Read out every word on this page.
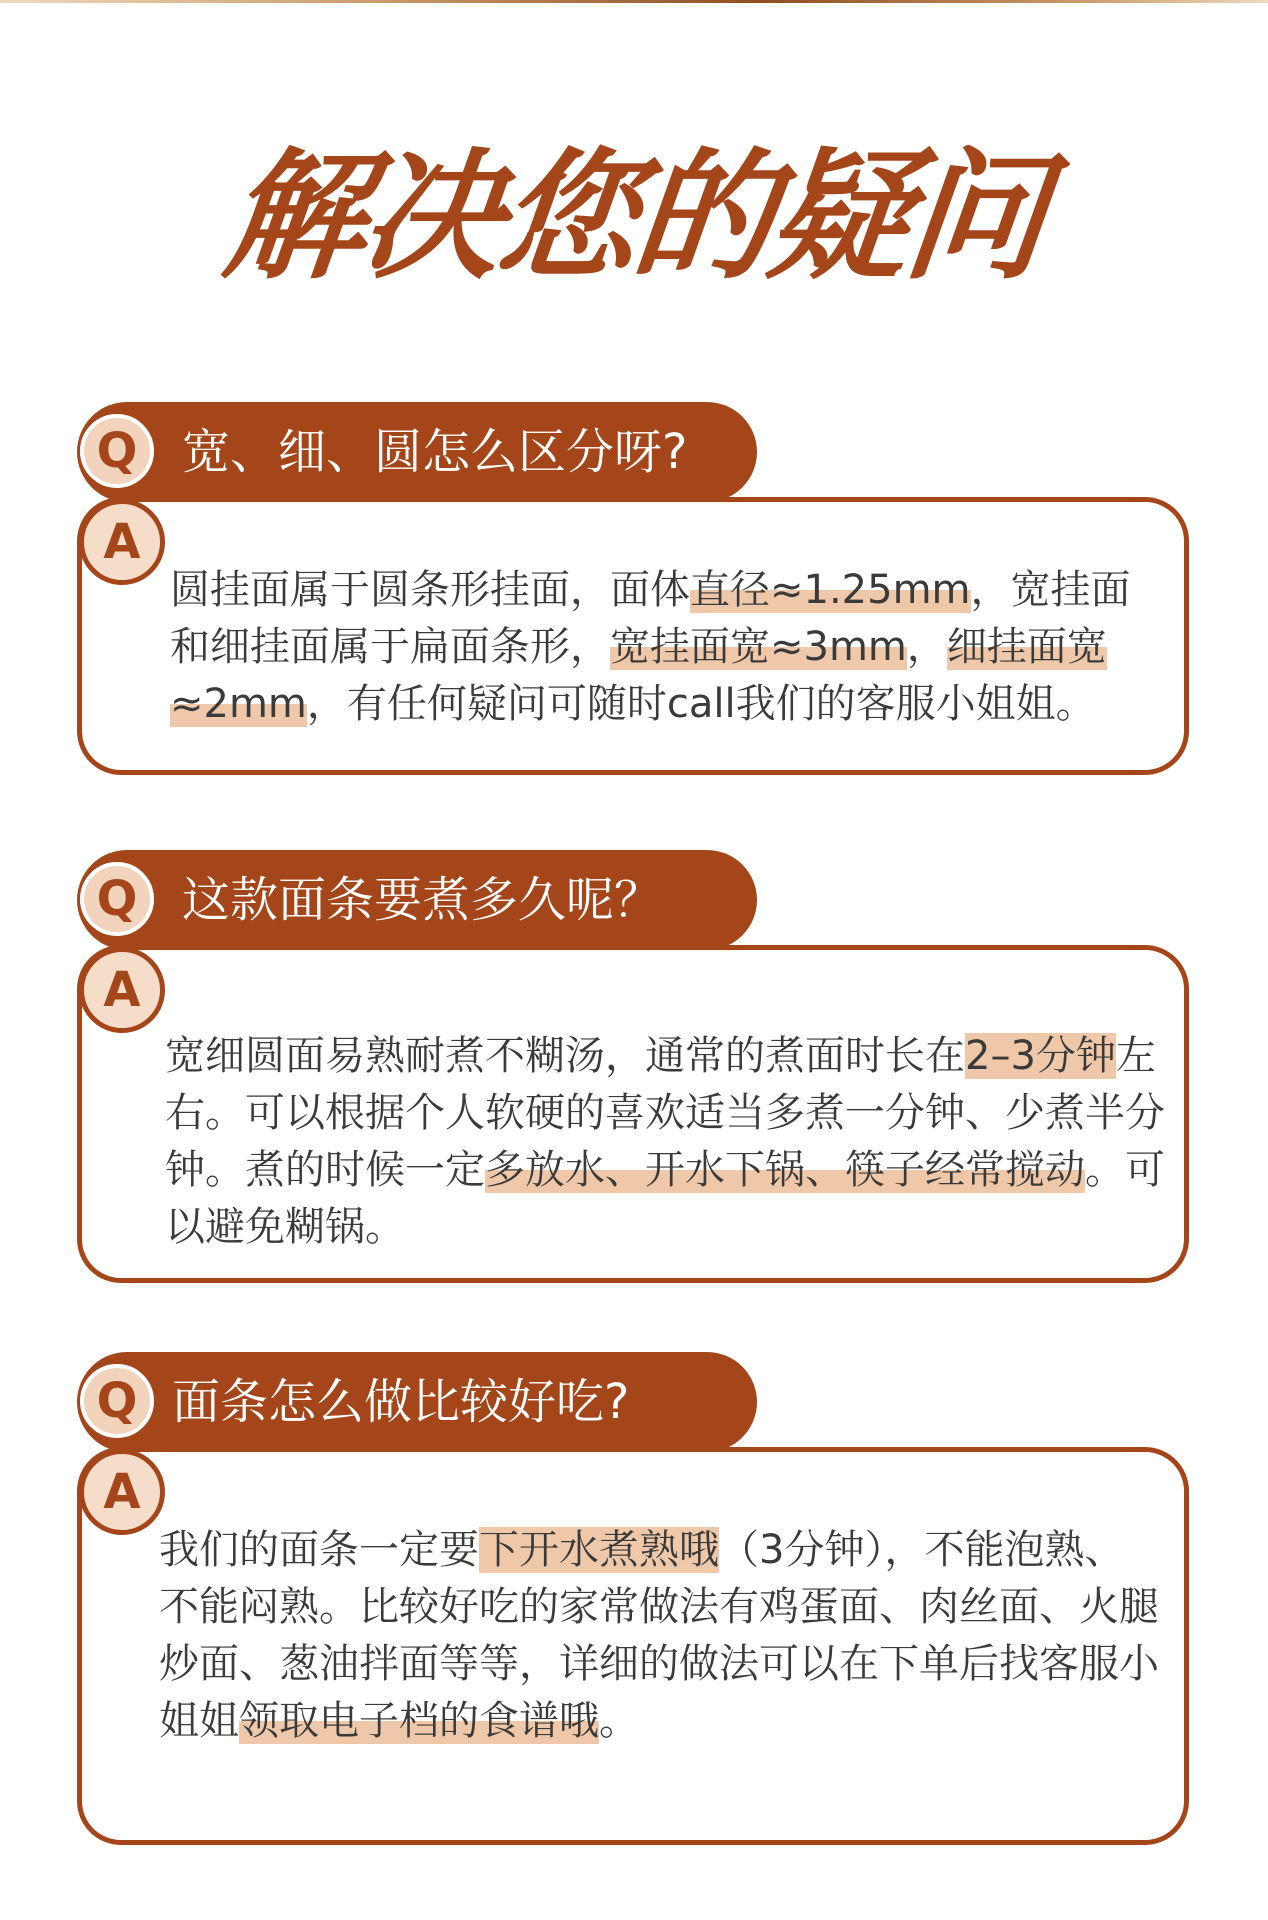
解决您的疑问
Q 宽、细、圆怎么区分呀?
A
圆挂面属于圆条形挂面，面体直径≈1.25mm，宽挂面和细挂面属于扁面条形，宽挂面宽≈3mm，细挂面宽≈2mm，有任何疑问可随时call我们的客服小姐姐。
Q 这款面条要煮多久呢？
A
宽细圆面易熟耐煮不糊汤，通常的煮面时长在2–3分钟左右。可以根据个人软硬的喜欢适当多煮一分钟、少煮半分钟。煮的时候一定多放水、开水下锅、筷子经常搅动。可以避免糊锅。
Q 面条怎么做比较好吃?
A
我们的面条一定要下开水煮熟哦（3分钟），不能泡熟、不能闷熟。比较好吃的家常做法有鸡蛋面、肉丝面、火腿炒面、葱油拌面等等，详细的做法可以在下单后找客服小姐姐领取电子档的食谱哦。
